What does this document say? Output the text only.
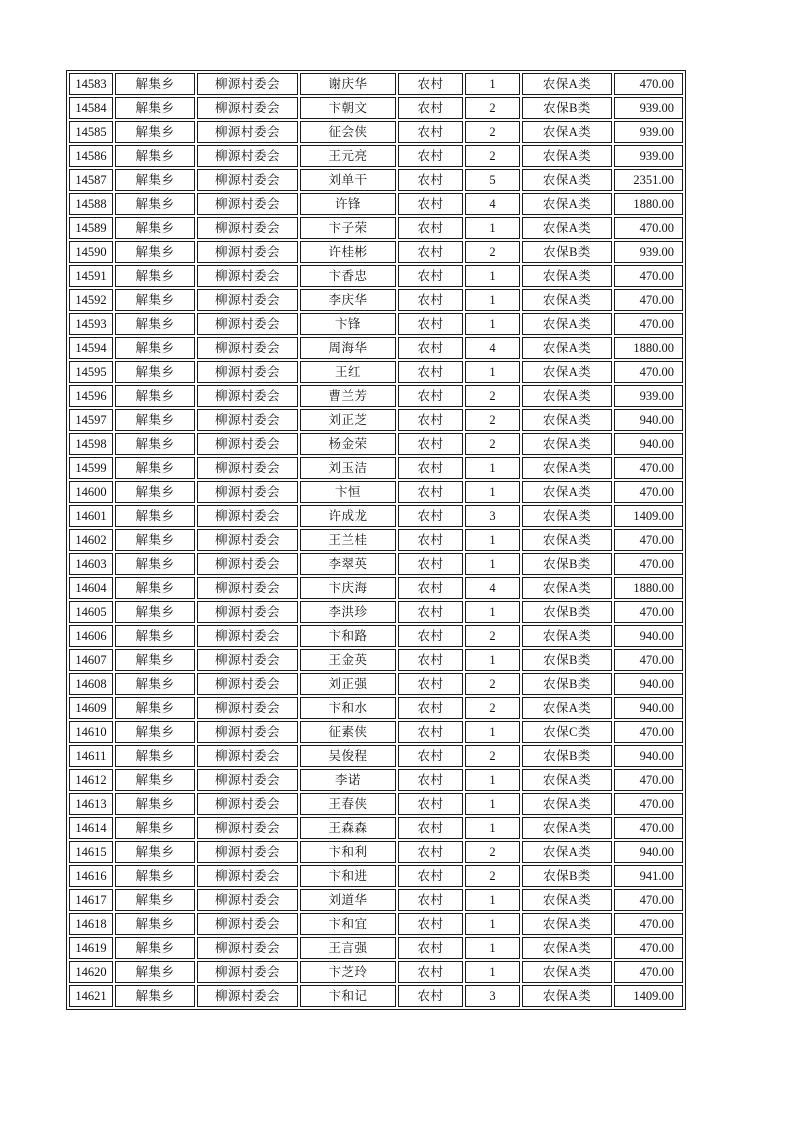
14583	解集乡	柳源村委会	谢庆华	农村	1	农保A类	470.00
14584	解集乡	柳源村委会	卞朝文	农村	2	农保B类	939.00
14585	解集乡	柳源村委会	征会侠	农村	2	农保A类	939.00
14586	解集乡	柳源村委会	王元亮	农村	2	农保A类	939.00
14587	解集乡	柳源村委会	刘单干	农村	5	农保A类	2351.00
14588	解集乡	柳源村委会	许锋	农村	4	农保A类	1880.00
14589	解集乡	柳源村委会	卞子荣	农村	1	农保A类	470.00
14590	解集乡	柳源村委会	许桂彬	农村	2	农保B类	939.00
14591	解集乡	柳源村委会	卞香忠	农村	1	农保A类	470.00
14592	解集乡	柳源村委会	李庆华	农村	1	农保A类	470.00
14593	解集乡	柳源村委会	卞锋	农村	1	农保A类	470.00
14594	解集乡	柳源村委会	周海华	农村	4	农保A类	1880.00
14595	解集乡	柳源村委会	王红	农村	1	农保A类	470.00
14596	解集乡	柳源村委会	曹兰芳	农村	2	农保A类	939.00
14597	解集乡	柳源村委会	刘正芝	农村	2	农保A类	940.00
14598	解集乡	柳源村委会	杨金荣	农村	2	农保A类	940.00
14599	解集乡	柳源村委会	刘玉洁	农村	1	农保A类	470.00
14600	解集乡	柳源村委会	卞恒	农村	1	农保A类	470.00
14601	解集乡	柳源村委会	许成龙	农村	3	农保A类	1409.00
14602	解集乡	柳源村委会	王兰桂	农村	1	农保A类	470.00
14603	解集乡	柳源村委会	李翠英	农村	1	农保B类	470.00
14604	解集乡	柳源村委会	卞庆海	农村	4	农保A类	1880.00
14605	解集乡	柳源村委会	李洪珍	农村	1	农保B类	470.00
14606	解集乡	柳源村委会	卞和路	农村	2	农保A类	940.00
14607	解集乡	柳源村委会	王金英	农村	1	农保B类	470.00
14608	解集乡	柳源村委会	刘正强	农村	2	农保B类	940.00
14609	解集乡	柳源村委会	卞和水	农村	2	农保A类	940.00
14610	解集乡	柳源村委会	征素侠	农村	1	农保C类	470.00
14611	解集乡	柳源村委会	吴俊程	农村	2	农保B类	940.00
14612	解集乡	柳源村委会	李诺	农村	1	农保A类	470.00
14613	解集乡	柳源村委会	王春侠	农村	1	农保A类	470.00
14614	解集乡	柳源村委会	王森森	农村	1	农保A类	470.00
14615	解集乡	柳源村委会	卞和利	农村	2	农保A类	940.00
14616	解集乡	柳源村委会	卞和进	农村	2	农保B类	941.00
14617	解集乡	柳源村委会	刘道华	农村	1	农保A类	470.00
14618	解集乡	柳源村委会	卞和宜	农村	1	农保A类	470.00
14619	解集乡	柳源村委会	王言强	农村	1	农保A类	470.00
14620	解集乡	柳源村委会	卞芝玲	农村	1	农保A类	470.00
14621	解集乡	柳源村委会	卞和记	农村	3	农保A类	1409.00
